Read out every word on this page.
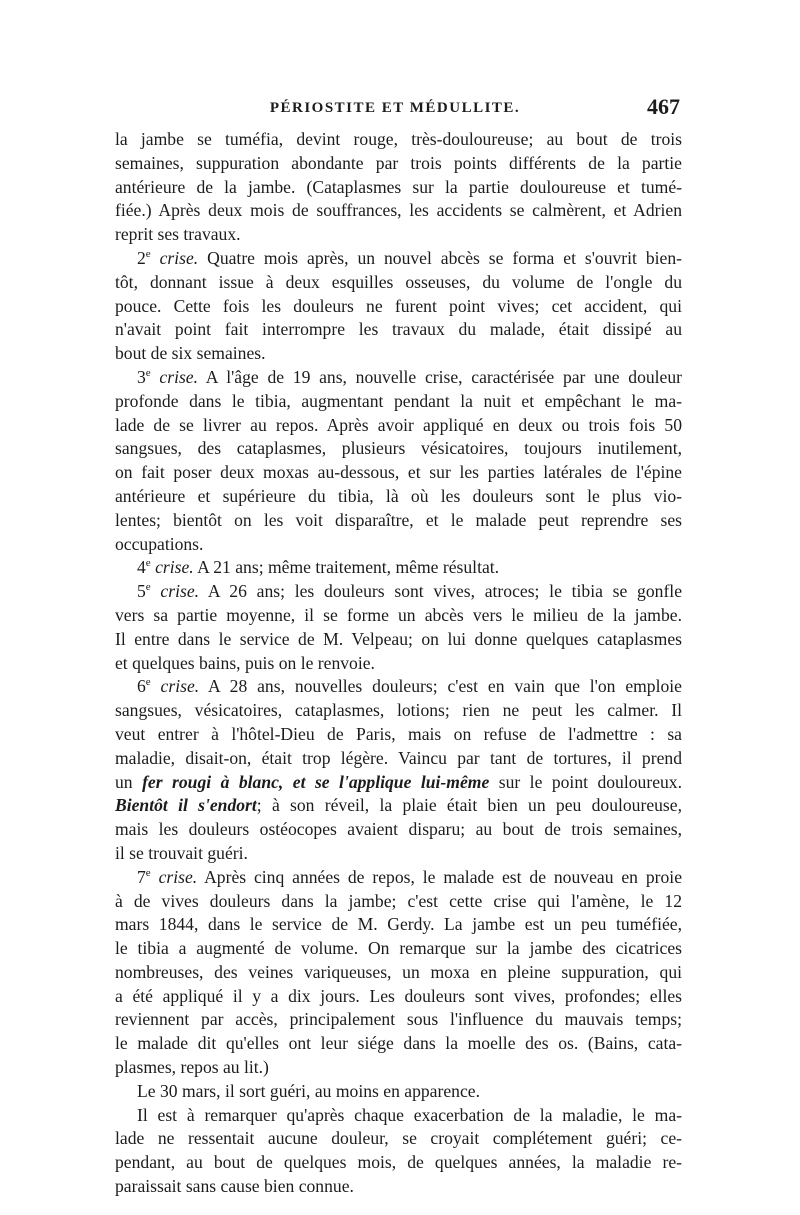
PÉRIOSTITE ET MÉDULLITE.	467
la jambe se tuméfia, devint rouge, très-douloureuse; au bout de trois
semaines, suppuration abondante par trois points différents de la partie
antérieure de la jambe. (Cataplasmes sur la partie douloureuse et tumé-
fiée.) Après deux mois de souffrances, les accidents se calmèrent, et Adrien
reprit ses travaux.
2e crise. Quatre mois après, un nouvel abcès se forma et s'ouvrit bien-
tôt, donnant issue à deux esquilles osseuses, du volume de l'ongle du
pouce. Cette fois les douleurs ne furent point vives; cet accident, qui
n'avait point fait interrompre les travaux du malade, était dissipé au
bout de six semaines.
3e crise. A l'âge de 19 ans, nouvelle crise, caractérisée par une douleur
profonde dans le tibia, augmentant pendant la nuit et empêchant le ma-
lade de se livrer au repos. Après avoir appliqué en deux ou trois fois 50
sangsues, des cataplasmes, plusieurs vésicatoires, toujours inutilement,
on fait poser deux moxas au-dessous, et sur les parties latérales de l'épine
antérieure et supérieure du tibia, là où les douleurs sont le plus vio-
lentes; bientôt on les voit disparaître, et le malade peut reprendre ses
occupations.
4e crise. A 21 ans; même traitement, même résultat.
5e crise. A 26 ans; les douleurs sont vives, atroces; le tibia se gonfle
vers sa partie moyenne, il se forme un abcès vers le milieu de la jambe.
Il entre dans le service de M. Velpeau; on lui donne quelques cataplasmes
et quelques bains, puis on le renvoie.
6e crise. A 28 ans, nouvelles douleurs; c'est en vain que l'on emploie
sangsues, vésicatoires, cataplasmes, lotions; rien ne peut les calmer. Il
veut entrer à l'hôtel-Dieu de Paris, mais on refuse de l'admettre : sa
maladie, disait-on, était trop légère. Vaincu par tant de tortures, il prend
un fer rougi à blanc, et se l'applique lui-même sur le point douloureux.
Bientôt il s'endort; à son réveil, la plaie était bien un peu douloureuse,
mais les douleurs ostéocopes avaient disparu; au bout de trois semaines,
il se trouvait guéri.
7e crise. Après cinq années de repos, le malade est de nouveau en proie
à de vives douleurs dans la jambe; c'est cette crise qui l'amène, le 12
mars 1844, dans le service de M. Gerdy. La jambe est un peu tuméfiée,
le tibia a augmenté de volume. On remarque sur la jambe des cicatrices
nombreuses, des veines variqueuses, un moxa en pleine suppuration, qui
a été appliqué il y a dix jours. Les douleurs sont vives, profondes; elles
reviennent par accès, principalement sous l'influence du mauvais temps;
le malade dit qu'elles ont leur siége dans la moelle des os. (Bains, cata-
plasmes, repos au lit.)
Le 30 mars, il sort guéri, au moins en apparence.
Il est à remarquer qu'après chaque exacerbation de la maladie, le ma-
lade ne ressentait aucune douleur, se croyait complétement guéri; ce-
pendant, au bout de quelques mois, de quelques années, la maladie re-
paraissait sans cause bien connue.
